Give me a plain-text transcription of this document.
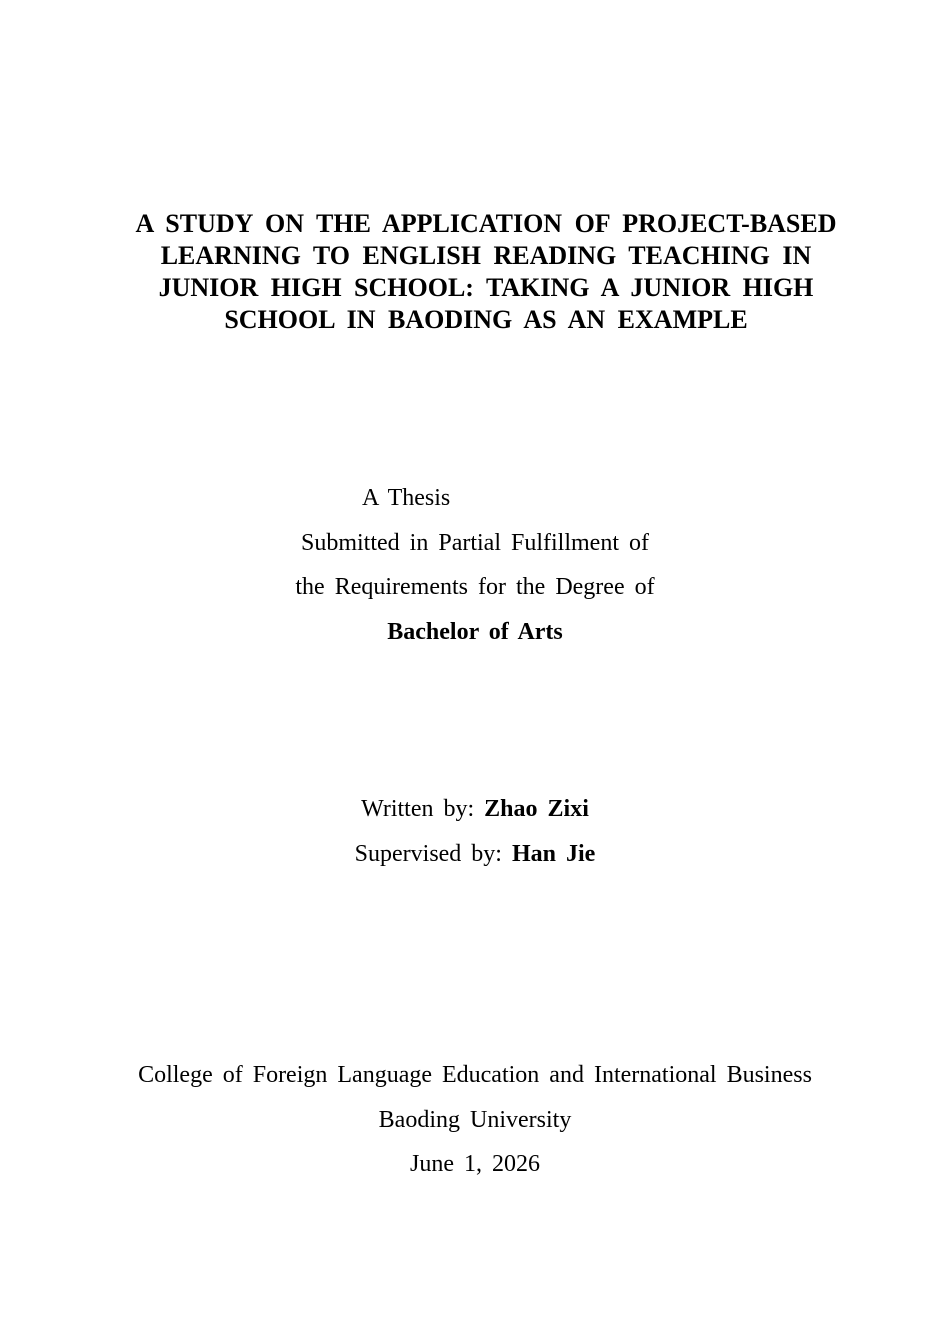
A STUDY ON THE APPLICATION OF PROJECT-BASED LEARNING TO ENGLISH READING TEACHING IN JUNIOR HIGH SCHOOL: TAKING A JUNIOR HIGH SCHOOL IN BAODING AS AN EXAMPLE

A Thesis

Submitted in Partial Fulfillment of

the Requirements for the Degree of

Bachelor of Arts

Written by: Zhao Zixi

Supervised by: Han Jie

College of Foreign Language Education and International Business

Baoding University

June 1, 2026
